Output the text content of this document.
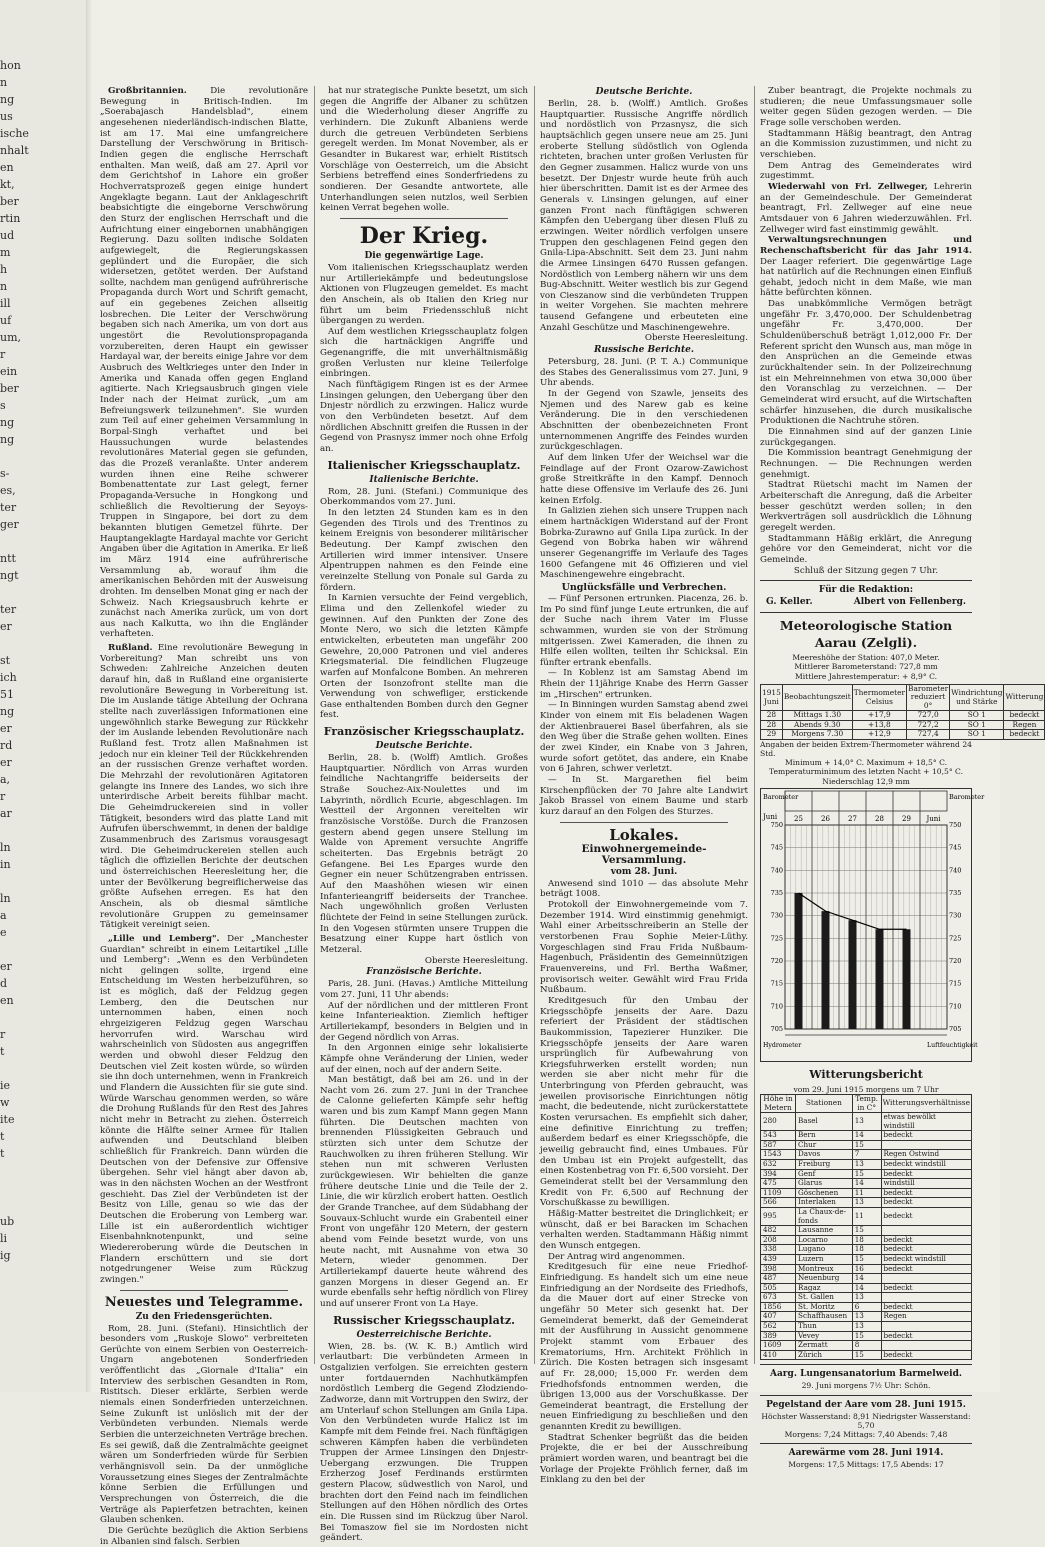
hon
n
ng
us
ische
nhalt
en
kt,
ber
rtin
ud
m
h
n
ill
uf
um,
r
ein
ber
s
ng
ng
s-
es,
ter
ger
ntt
ngt
ter
er
st
ich
51
ng
er
rd
er
a,
r
ar
ln
in
ln
a
e
er
d
en
r
t
ie
w
ite
t
t
ub
li
ig

Großbritannien.	Die revolutionäre Bewegung in Britisch-Indien. Im „Soerabajasch Handelsblad", einem angesehenen niederländisch-indischen Blatte, ist am 17. Mai eine umfangreichere Darstellung der Verschwörung in Britisch-Indien gegen die englische Herrschaft enthalten. Man weiß, daß am 27. April vor dem Gerichtshof in Lahore ein großer Hochverratsprozeß gegen einige hundert Angeklagte begann. Laut der Anklageschrift beabsichtigte die eingeborne Verschwörung den Sturz der englischen Herrschaft und die Aufrichtung einer eingebornen unabhängigen Regierung. Dazu sollten indische Soldaten aufgewiegelt, die Regierungskassen geplündert und die Europäer, die sich widersetzen, getötet werden. Der Aufstand sollte, nachdem man genügend aufrührerische Propaganda durch Wort und Schrift gemacht, auf ein gegebenes Zeichen allseitig losbrechen. Die Leiter der Verschwörung begaben sich nach Amerika, um von dort aus ungestört die Revolutionspropaganda vorzubereiten, deren Haupt ein gewisser Hardayal war, der bereits einige Jahre vor dem Ausbruch des Weltkrieges unter den Inder in Amerika und Kanada offen gegen England agitierte. Nach Kriegsausbruch gingen viele Inder nach der Heimat zurück, „um am Befreiungswerk teilzunehmen". Sie wurden zum Teil auf einer geheimen Versammlung in Borpal-Singh verhaftet und bei Haussuchungen wurde belastendes revolutionäres Material gegen sie gefunden, das die Prozeß veranlaßte. Unter anderem wurden ihnen eine Reihe schwerer Bombenattentate zur Last gelegt, ferner Propaganda-Versuche in Hongkong und schließlich die Revoltierung der Seyoys-Truppen in Singapore, bei dort zu dem bekannten blutigen Gemetzel führte. Der Hauptangeklagte Hardayal machte vor Gericht Angaben über die Agitation in Amerika. Er ließ im März 1914 eine aufrührerische Versammlung ab, worauf ihm die amerikanischen Behörden mit der Ausweisung drohten. Im denselben Monat ging er nach der Schweiz. Nach Kriegsausbruch kehrte er zunächst nach Amerika zurück, um von dort aus nach Kalkutta, wo ihn die Engländer verhafteten.

Rußland. Eine revolutionäre Bewegung in Vorbereitung? Man schreibt uns von Schweden: Zahlreiche Anzeichen deuten darauf hin, daß in Rußland eine organisierte revolutionäre Bewegung in Vorbereitung ist. Die im Auslande tätige Abteilung der Ochrana stellte nach zuverlässigen Informationen eine ungewöhnlich starke Bewegung zur Rückkehr der im Auslande lebenden Revolutionäre nach Rußland fest. Trotz allen Maßnahmen ist jedoch nur ein kleiner Teil der Rückkehrenden an der russischen Grenze verhaftet worden. Die Mehrzahl der revolutionären Agitatoren gelangte ins Innere des Landes, wo sich ihre unterirdische Arbeit bereits fühlbar macht. Die Geheimdruckereien sind in voller Tätigkeit, besonders wird das platte Land mit Aufrufen überschwemmt, in denen der baldige Zusammenbruch des Zarismus vorausgesagt wird. Die Geheimdruckereien stellen auch täglich die offiziellen Berichte der deutschen und österreichischen Heeresleitung her, die unter der Bevölkerung begreiflicherweise das größte Aufsehen erregen. Es hat den Anschein, als ob diesmal sämtliche revolutionäre Gruppen zu gemeinsamer Tätigkeit vereinigt seien.

„Lille und Lemberg". Der „Manchester Guardian" schreibt in einem Leitartikel „Lille und Lemberg": „Wenn es den Verbündeten nicht gelingen sollte, irgend eine Entscheidung im Westen herbeizuführen, so ist es möglich, daß der Feldzug gegen Lemberg, den die Deutschen nur unternommen haben, einen noch ehrgeizigeren Feldzug gegen Warschau hervorrufen wird. Warschau wird wahrscheinlich von Südosten aus angegriffen werden und obwohl dieser Feldzug den Deutschen viel Zeit kosten würde, so würden sie ihn doch unternehmen, wenn in Frankreich und Flandern die Aussichten für sie gute sind. Würde Warschau genommen werden, so wäre die Drohung Rußlands für den Rest des Jahres nicht mehr in Betracht zu ziehen. Österreich könnte die Hälfte seiner Armee für Italien aufwenden und Deutschland bleiben schließlich für Frankreich. Dann würden die Deutschen von der Defensive zur Offensive übergehen. Sehr viel hängt aber davon ab, was in den nächsten Wochen an der Westfront geschieht. Das Ziel der Verbündeten ist der Besitz von Lille, genau so wie das der Deutschen die Eroberung von Lemberg war. Lille ist ein außerordentlich wichtiger Eisenbahnknotenpunkt, und seine Wiedereroberung würde die Deutschen in Flandern erschüttern und sie dort notgedrungener Weise zum Rückzug zwingen."

Neuestes und Telegramme.
Zu den Friedensgerüchten.

Rom, 28. Juni. (Stefani). Hinsichtlich der besonders vom „Ruskoje Slowo" verbreiteten Gerüchte von einem Serbien von Oesterreich-Ungarn angebotenen Sonderfrieden veröffentlicht das „Giornale d'Italia" ein Interview des serbischen Gesandten in Rom, Ristitsch. Dieser erklärte, Serbien werde niemals einen Sonderfrieden unterzeichnen. Seine Zukunft ist unlöslich mit der der Verbündeten verbunden. Niemals werde Serbien die unterzeichneten Verträge brechen. Es sei gewiß, daß die Zentralmächte geeignet wären um Sonderfrieden würde für Serbien verhängnisvoll sein. Da der unmögliche Voraussetzung eines Sieges der Zentralmächte könne Serbien die Erfüllungen und Versprechungen von Österreich, die die Verträge als Papierfetzen betrachten, keinen Glauben schenken.

Die Gerüchte bezüglich die Aktion Serbiens in Albanien sind falsch. Serbien

hat nur strategische Punkte besetzt, um sich gegen die Angriffe der Albaner zu schützen und die Wiederholung dieser Angriffe zu verhindern. Die Zukunft Albaniens werde durch die getreuen Verbündeten Serbiens geregelt werden. Im Monat November, als er Gesandter in Bukarest war, erhielt Ristitsch Vorschläge von Oesterreich, um die Absicht Serbiens betreffend eines Sonderfriedens zu sondieren. Der Gesandte antwortete, alle Unterhandlungen seien nutzlos, weil Serbien keinen Verrat begehen wolle.

Der Krieg.
Die gegenwärtige Lage.

Vom italienischen Kriegsschauplatz werden nur Artilleriekämpfe und bedeutungslose Aktionen von Flugzeugen gemeldet. Es macht den Anschein, als ob Italien den Krieg nur führt um beim Friedensschluß nicht übergangen zu werden.

Auf dem westlichen Kriegsschauplatz folgen sich die hartnäckigen Angriffe und Gegenangriffe, die mit unverhältnismäßig großen Verlusten nur kleine Teilerfolge einbringen.

Nach fünftägigem Ringen ist es der Armee Linsingen gelungen, den Uebergang über den Dnjestr nördlich zu erzwingen. Halicz wurde von den Verbündeten besetzt. Auf dem nördlichen Abschnitt greifen die Russen in der Gegend von Prasnysz immer noch ohne Erfolg an.

Italienischer Kriegsschauplatz.
Italienische Berichte.

Rom, 28. Juni. (Stefani.) Communique des Oberkommandos vom 27. Juni.

In den letzten 24 Stunden kam es in den Gegenden des Tirols und des Trentinos zu keinem Ereignis von besonderer militärischer Bedeutung. Der Kampf zwischen den Artillerien wird immer intensiver. Unsere Alpentruppen nahmen es den Feinde eine vereinzelte Stellung von Ponale sul Garda zu fördern.

In Karnien versuchte der Feind vergeblich, Elima und den Zellenkofel wieder zu gewinnen. Auf den Punkten der Zone des Monte Nero, wo sich die letzten Kämpfe entwickelten, erbeuteten man ungefähr 200 Gewehre, 20,000 Patronen und viel anderes Kriegsmaterial. Die feindlichen Flugzeuge warfen auf Monfalcone Bomben. An mehreren Orten der Isonzofront stellte man die Verwendung von schwefliger, erstickende Gase enthaltenden Bomben durch den Gegner fest.

Französischer Kriegsschauplatz.
Deutsche Berichte.

Berlin, 28. b. (Wolff) Amtlich. Großes Hauptquartier. Nördlich von Arras wurden feindliche Nachtangriffe beiderseits der Straße Souchez-Aix-Noulettes und im Labyrinth, nördlich Ecurie, abgeschlagen. Im Westteil der Argonnen vereitelten wir französische Vorstöße. Durch die Franzosen gestern abend gegen unsere Stellung im Walde von Aprement versuchte Angriffe scheiterten. Das Ergebnis beträgt 20 Gefangene. Bei Les Eparges wurde den Gegner ein neuer Schützengraben entrissen. Auf den Maashöhen wiesen wir einen Infanterieangriff beiderseits der Tranchee. Nach ungewöhnlich großen Verlusten flüchtete der Feind in seine Stellungen zurück. In den Vogesen stürmten unsere Truppen die Besatzung einer Kuppe hart östlich von Metzeral.

Oberste Heeresleitung.

Französische Berichte.

Paris, 28. Juni. (Havas.) Amtliche Mitteilung vom 27. Juni, 11 Uhr abends:

Auf der nördlichen und der mittleren Front keine Infanterieaktion. Ziemlich heftiger Artilleriekampf, besonders in Belgien und in der Gegend nördlich von Arras.

In den Argonnen einige sehr lokalisierte Kämpfe ohne Veränderung der Linien, weder auf der einen, noch auf der andern Seite.

Man bestätigt, daß bei am 26. und in der Nacht vom 26. zum 27. Juni in der Tranchee de Calonne gelieferten Kämpfe sehr heftig waren und bis zum Kampf Mann gegen Mann führten. Die Deutschen machten von brennenden Flüssigkeiten Gebrauch und stürzten sich unter dem Schutze der Rauchwolken zu ihren früheren Stellung. Wir stehen nun mit schweren Verlusten zurückgewiesen. Wir behielten die ganze frühere deutsche Linie und die Teile der 2. Linie, die wir kürzlich erobert hatten. Oestlich der Grande Tranchee, auf dem Südabhang der Souvaux-Schlucht wurde ein Grabenteil einer Front von ungefähr 120 Metern, der gestern abend vom Feinde besetzt wurde, von uns heute nacht, mit Ausnahme von etwa 30 Metern, wieder genommen. Der Artilleriekampf dauerte heute während des ganzen Morgens in dieser Gegend an. Er wurde ebenfalls sehr heftig nördlich von Flirey und auf unserer Front von La Haye.

Russischer Kriegsschauplatz.
Oesterreichische Berichte.

Wien, 28. bs. (W. K. B.) Amtlich wird verlautbart: Die verbündeten Armeen in Ostgalizien verfolgen. Sie erreichten gestern unter fortdauernden Nachhutkämpfen nordöstlich Lemberg die Gegend Złodziendo-Zadworze, dann mit Vortruppen den Swirz, der am Unterlauf schon Stellungen am Gnila Lipa. Von den Verbündeten wurde Halicz ist im Kampfe mit dem Feinde frei. Nach fünftägigen schweren Kämpfen haben die verbündeten Truppen der Armee Linsingen den Dnjestr-Uebergang erzwungen. Die Truppen Erzherzog Josef Ferdinands erstürmten gestern Placow, südwestlich von Narol, und brachten dort den Feind nach im feindlichen Stellungen auf den Höhen nördlich des Ortes ein. Die Russen sind im Rückzug über Narol. Bei Tomaszow fiel sie im Nordosten nicht geändert.

Deutsche Berichte.

Berlin, 28. b. (Wolff.) Amtlich. Großes Hauptquartier. Russische Angriffe nördlich und nordöstlich von Przasnysz, die sich hauptsächlich gegen unsere neue am 25. Juni eroberte Stellung südöstlich von Oglenda richteten, brachen unter großen Verlusten für den Gegner zusammen. Halicz wurde von uns besetzt. Der Dnjestr wurde heute früh auch hier überschritten. Damit ist es der Armee des Generals v. Linsingen gelungen, auf einer ganzen Front nach fünftägigen schweren Kämpfen den Uebergang über diesen Fluß zu erzwingen. Weiter nördlich verfolgen unsere Truppen den geschlagenen Feind gegen den Gnila-Lipa-Abschnitt. Seit dem 23. Juni nahm die Armee Linsingen 6470 Russen gefangen. Nordöstlich von Lemberg nähern wir uns dem Bug-Abschnitt. Weiter westlich bis zur Gegend von Cieszanow sind die verbündeten Truppen in weiter Vorgehen. Sie machten mehrere tausend Gefangene und erbeuteten eine Anzahl Geschütze und Maschinengewehre.

Oberste Heeresleitung.

Russische Berichte.

Petersburg, 28. Juni. (P. T. A.) Communique des Stabes des Generalissimus vom 27. Juni, 9 Uhr abends.

In der Gegend von Szawle, jenseits des Njemen und des Narew gab es keine Veränderung. Die in den verschiedenen Abschnitten der obenbezeichneten Front unternommenen Angriffe des Feindes wurden zurückgeschlagen.

Auf dem linken Ufer der Weichsel war die Feindlage auf der Front Ozarow-Zawichost große Streitkräfte in den Kampf. Dennoch hatte diese Offensive im Verlaufe des 26. Juni keinen Erfolg.

In Galizien ziehen sich unsere Truppen nach einem hartnäckigen Widerstand auf der Front Bobrka-Zurawno auf Gnila Lipa zurück. In der Gegend von Bobrka haben wir während unserer Gegenangriffe im Verlaufe des Tages 1600 Gefangene mit 46 Offizieren und viel Maschinengewehre eingebracht.

Unglücksfälle und Verbrechen.

— Fünf Personen ertrunken. Piacenza, 26. b. Im Po sind fünf junge Leute ertrunken, die auf der Suche nach ihrem Vater im Flusse schwammen, wurden sie von der Strömung mitgerissen. Zwei Kameraden, die ihnen zu Hilfe eilen wollten, teilten ihr Schicksal. Ein fünfter ertrank ebenfalls.

— In Koblenz ist am Samstag Abend im Rhein der 11jährige Knabe des Herrn Gasser im „Hirschen" ertrunken.

— In Binningen wurden Samstag abend zwei Kinder von einem mit Eis beladenen Wagen der Aktienbrauerei Basel überfahren, als sie den Weg über die Straße gehen wollten. Eines der zwei Kinder, ein Knabe von 3 Jahren, wurde sofort getötet, das andere, ein Knabe von 6 Jahren, schwer verletzt.

— In St. Margarethen fiel beim Kirschenpflücken der 70 Jahre alte Landwirt Jakob Brassel von einem Baume und starb kurz darauf an den Folgen des Sturzes.

Lokales.
Einwohnergemeinde-Versammlung.
vom 28. Juni.

Anwesend sind 1010 — das absolute Mehr beträgt 1008.

Protokoll der Einwohnergemeinde vom 7. Dezember 1914. Wird einstimmig genehmigt. Wahl einer Arbeitsschreiberin an Stelle der verstorbenen Frau Sophie Meier-Lüthy. Vorgeschlagen sind Frau Frida Nußbaum-Hagenbuch, Präsidentin des Gemeinnützigen Frauenvereins, und Frl. Bertha Waßmer, provisorisch weiter. Gewählt wird Frau Frida Nußbaum.

Kreditgesuch für den Umbau der Kriegsschöpfe jenseits der Aare. Dazu referiert der Präsident der städtischen Baukommission, Tapezierer Hunziker. Die Kriegsschöpfe jenseits der Aare waren ursprünglich für Aufbewahrung von Kriegsfuhrwerken erstellt worden; nun werden sie aber nicht mehr für die Unterbringung von Pferden gebraucht, was jeweilen provisorische Einrichtungen nötig macht, die bedeutende, nicht zurückerstattete Kosten verursachen. Es empfiehlt sich daher, eine definitive Einrichtung zu treffen; außerdem bedarf es einer Kriegsschöpfe, die jeweilig gebraucht find, eines Umbaues. Für den Umbau ist ein Projekt aufgestellt, das einen Kostenbetrag von Fr. 6,500 vorsieht. Der Gemeinderat stellt bei der Versammlung den Kredit von Fr. 6,500 auf Rechnung der Vorschußkasse zu bewilligen.

Häßig-Matter bestreitet die Dringlichkeit; er wünscht, daß er bei Baracken im Schachen verhalten werden. Stadtammann Häßig nimmt den Wunsch entgegen.

Der Antrag wird angenommen.

Kreditgesuch für eine neue Friedhof-Einfriedigung. Es handelt sich um eine neue Einfriedigung an der Nordseite des Friedhofs, da die Mauer dort auf einer Strecke von ungefähr 50 Meter sich gesenkt hat. Der Gemeinderat bemerkt, daß der Gemeinderat mit der Ausführung in Aussicht genommene Projekt stammt vom Erbauer des Krematoriums, Hrn. Architekt Fröhlich in Zürich. Die Kosten betragen sich insgesamt auf Fr. 28,000; 15,000 Fr. werden dem Friedhofsfonds entnommen werden, die übrigen 13,000 aus der Vorschußkasse. Der Gemeinderat beantragt, die Erstellung der neuen Einfriedigung zu beschließen und den genannten Kredit zu bewilligen.

Stadtrat Schenker begrüßt das die beiden Projekte, die er bei der Ausschreibung prämiert worden waren, und beantragt bei die Vorlage der Projekte Fröhlich ferner, daß im Einklang zu den bei der

Zuber beantragt, die Projekte nochmals zu studieren; die neue Umfassungsmauer solle weiter gegen Süden gezogen werden. — Die Frage solle verschoben werden.

Stadtammann Häßig beantragt, den Antrag an die Kommission zuzustimmen, und nicht zu verschieben.

Dem Antrag des Gemeinderates wird zugestimmt.

Wiederwahl von Frl. Zellweger, Lehrerin an der Gemeindeschule. Der Gemeinderat beantragt, Frl. Zellweger auf eine neue Amtsdauer von 6 Jahren wiederzuwählen. Frl. Zellweger wird fast einstimmig gewählt.

Verwaltungsrechnungen und Rechenschaftsbericht für das Jahr 1914. Der Laager referiert. Die gegenwärtige Lage hat natürlich auf die Rechnungen einen Einfluß gehabt, jedoch nicht in dem Maße, wie man hätte befürchten können.

Das unabkömmliche Vermögen beträgt ungefähr Fr. 3,470,000. Der Schuldenbetrag ungefähr Fr. 3,470,000. Der Schuldenüberschuß beträgt 1,012,000 Fr. Der Referent spricht den Wunsch aus, man möge in den Ansprüchen an die Gemeinde etwas zurückhaltender sein. In der Polizeirechnung ist ein Mehreinnehmen von etwa 30,000 über den Voranschlag zu verzeichnen. — Der Gemeinderat wird ersucht, auf die Wirtschaften schärfer hinzusehen, die durch musikalische Produktionen die Nachtruhe stören.

Die Einnahmen sind auf der ganzen Linie zurückgegangen.

Die Kommission beantragt Genehmigung der Rechnungen. — Die Rechnungen werden genehmigt.

Stadtrat Rüetschi macht im Namen der Arbeiterschaft die Anregung, daß die Arbeiter besser geschützt werden sollen; in den Werkverträgen soll ausdrücklich die Löhnung geregelt werden.

Stadtammann Häßig erklärt, die Anregung gehöre vor den Gemeinderat, nicht vor die Gemeinde.

Schluß der Sitzung gegen 7 Uhr.

Für die Redaktion:
G. Keller.	Albert von Fellenberg.
Meteorologische Station Aarau (Zelgli).
Meereshöhe der Station: 407,0 Meter.
Mittlerer Barometerstand: 727,8 mm
Mittlere Jahrestemperatur: + 8,9° C.
1915 Juni	Beobachtungszeit	Thermometer Celsius	Barometer reduziert 0°	Windrichtung und Stärke	Witterung
28	Mittags 1.30	+17,9	727,0	SO 1	bedeckt
28	Abends 9.30	+13,8	727,2	SO 1	Regen
29	Morgens 7.30	+12,9	727,4	SO 1	bedeckt
Angaben der beiden Extrem-Thermometer während 24 Std.
Minimum + 14,0° C. Maximum + 18,5° C.
Temperaturminimum des letzten Nacht + 10,5° C.
Niederschlag 12,9 mm
Barometer	Barometer
Juni 25	26	27	28	29 Juni
750	750
745	745
740	740
735	735
730	730
725	725
720	720
715	715
710	710
705	705
Hydrometer	Luftfeuchtigkeit
Witterungsbericht
vom 29. Juni 1915 morgens um 7 Uhr
Höhe in Metern	Stationen	Temp. in C°	Witterungsverhältnisse
280	Basel	13	etwas bewölkt windstill
543	Bern	14	bedeckt
587	Chur	15	
1543	Davos	7	Regen Ostwind
632	Freiburg	13	bedeckt windstill
394	Genf	15	bedeckt
475	Glarus	14	windstill
1109	Göschenen	11	bedeckt
566	Interlaken	13	bedeckt
995	La Chaux-de-fonds	11	bedeckt
482	Lausanne	15	
208	Locarno	18	bedeckt
338	Lugano	18	bedeckt
439	Luzern	15	bedeckt windstill
398	Montreux	16	bedeckt
487	Neuenburg	14	
505	Ragaz	14	bedeckt
673	St. Gallen	13	
1856	St. Moritz	6	bedeckt
407	Schaffhausen	13	Regen
562	Thun	13	
389	Vevey	15	bedeckt
1609	Zermatt	8	
410	Zürich	15	bedeckt
Aarg. Lungensanatorium Barmelweid.
29. Juni morgens 7½ Uhr: Schön.
Pegelstand der Aare vom 28. Juni 1915.
Höchster Wasserstand: 8,91 Niedrigster Wasserstand: 5,70
Morgens: 7,24 Mittags: 7,40 Abends: 7,48
Aarewärme vom 28. Juni 1914.
Morgens: 17,5 Mittags: 17,5 Abends: 17
